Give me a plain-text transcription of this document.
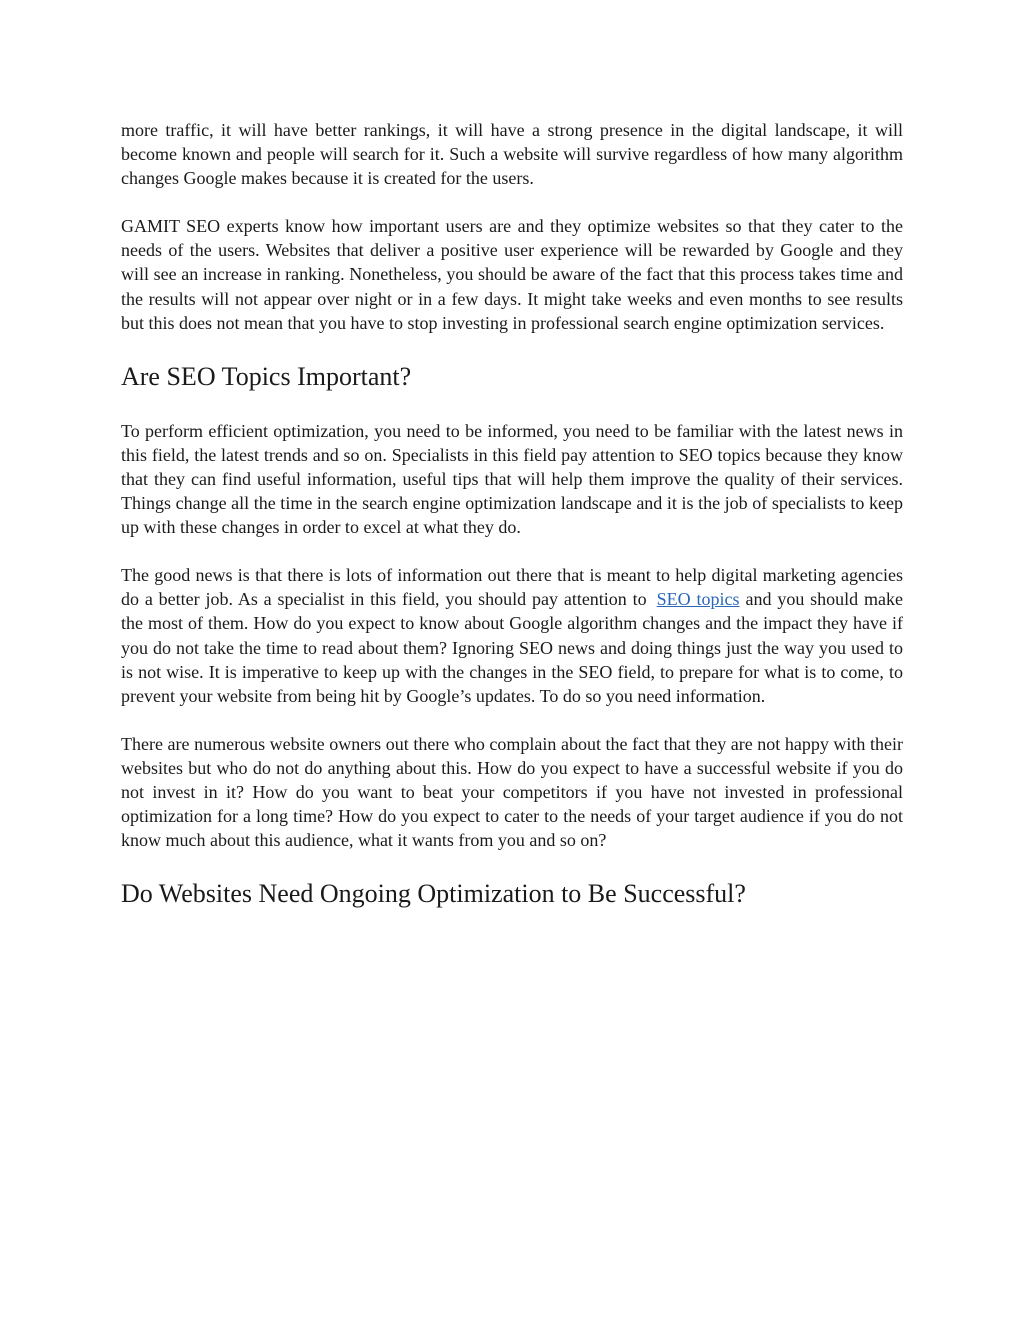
more traffic, it will have better rankings, it will have a strong presence in the digital landscape, it will become known and people will search for it. Such a website will survive regardless of how many algorithm changes Google makes because it is created for the users.

GAMIT SEO experts know how important users are and they optimize websites so that they cater to the needs of the users. Websites that deliver a positive user experience will be rewarded by Google and they will see an increase in ranking. Nonetheless, you should be aware of the fact that this process takes time and the results will not appear over night or in a few days. It might take weeks and even months to see results but this does not mean that you have to stop investing in professional search engine optimization services.

Are SEO Topics Important?

To perform efficient optimization, you need to be informed, you need to be familiar with the latest news in this field, the latest trends and so on. Specialists in this field pay attention to SEO topics because they know that they can find useful information, useful tips that will help them improve the quality of their services. Things change all the time in the search engine optimization landscape and it is the job of specialists to keep up with these changes in order to excel at what they do.

The good news is that there is lots of information out there that is meant to help digital marketing agencies do a better job. As a specialist in this field, you should pay attention to SEO topics and you should make the most of them. How do you expect to know about Google algorithm changes and the impact they have if you do not take the time to read about them? Ignoring SEO news and doing things just the way you used to is not wise. It is imperative to keep up with the changes in the SEO field, to prepare for what is to come, to prevent your website from being hit by Google’s updates. To do so you need information.

There are numerous website owners out there who complain about the fact that they are not happy with their websites but who do not do anything about this. How do you expect to have a successful website if you do not invest in it? How do you want to beat your competitors if you have not invested in professional optimization for a long time? How do you expect to cater to the needs of your target audience if you do not know much about this audience, what it wants from you and so on?

Do Websites Need Ongoing Optimization to Be Successful?
